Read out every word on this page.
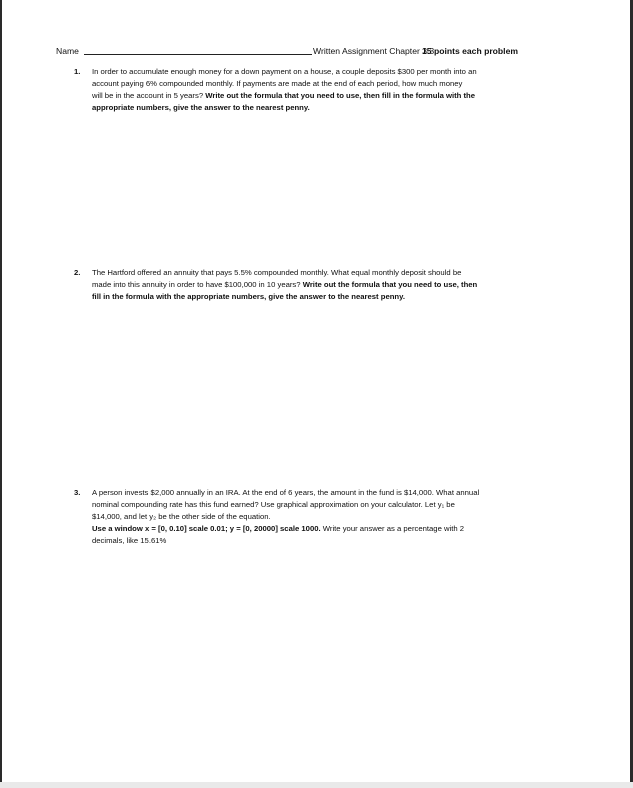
Name	Written Assignment Chapter 3.3
15 points each problem
1. In order to accumulate enough money for a down payment on a house, a couple deposits $300 per month into an
account paying 6% compounded monthly. If payments are made at the end of each period, how much money
will be in the account in 5 years? Write out the formula that you need to use, then fill in the formula with the
appropriate numbers, give the answer to the nearest penny.
2. The Hartford offered an annuity that pays 5.5% compounded monthly. What equal monthly deposit should be
made into this annuity in order to have $100,000 in 10 years? Write out the formula that you need to use, then
fill in the formula with the appropriate numbers, give the answer to the nearest penny.
3. A person invests $2,000 annually in an IRA. At the end of 6 years, the amount in the fund is $14,000. What annual
nominal compounding rate has this fund earned? Use graphical approximation on your calculator. Let y₁ be
$14,000, and let y₂ be the other side of the equation.
Use a window x = [0, 0.10] scale 0.01; y = [0, 20000] scale 1000. Write your answer as a percentage with 2
decimals, like 15.61%
